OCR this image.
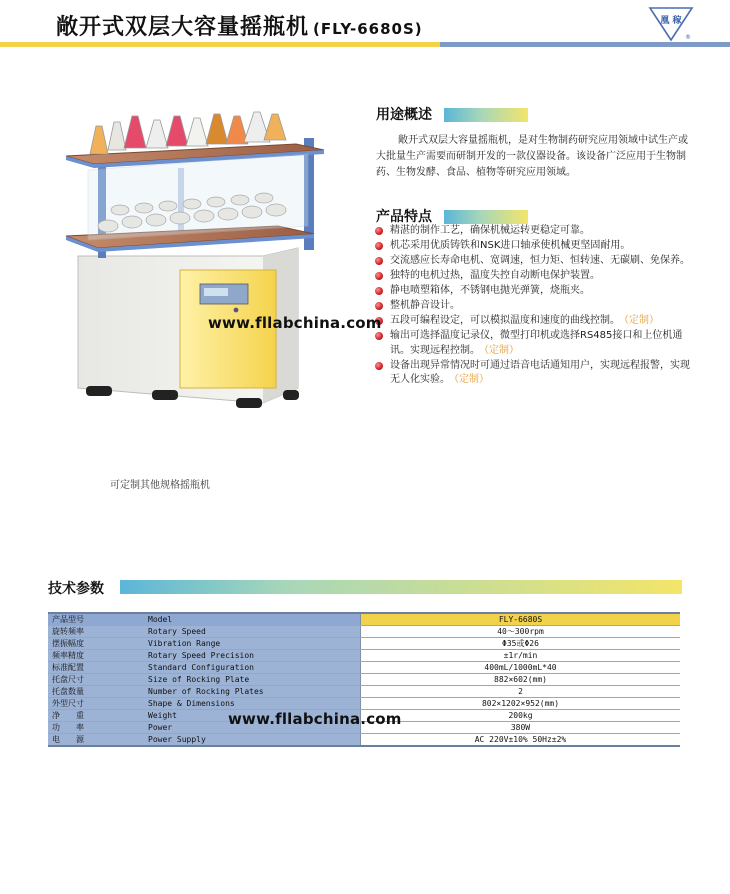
敞开式双层大容量摇瓶机 (FLY-6680S)	凰 稼
®
用途概述
敞开式双层大容量摇瓶机，是对生物制药研究应用领域中试生产或大批量生产需要而研制开发的一款仪器设备。该设备广泛应用于生物制药、生物发酵、食品、植物等研究应用领域。
产品特点
精湛的制作工艺，确保机械运转更稳定可靠。
机芯采用优质铸铁和NSK进口轴承使机械更坚固耐用。
交流感应长寿命电机、宽调速，恒力矩、恒转速、无碳刷、免保养。
独特的电机过热，温度失控自动断电保护装置。
静电喷塑箱体，不锈钢电抛光弹簧，烧瓶夹。
整机静音设计。
五段可编程设定，可以模拟温度和速度的曲线控制。 （定制）
输出可选择温度记录仪，微型打印机或选择RS485接口和上位机通讯。实现远程控制。 （定制）
设备出现异常情况时可通过语音电话通知用户，实现远程报警，实现无人化实验。 （定制）
www.fllabchina.com
可定制其他规格摇瓶机
技术参数
产品型号	Model	FLY-6680S
旋转频率	Rotary Speed	40～300rpm
摆振幅度	Vibration Range	Φ35或Φ26
频率精度	Rotary Speed Precision	±1r/min
标准配置	Standard Configuration	400mL/1000mL*40
托盘尺寸	Size of Rocking Plate	882×602(mm)
托盘数量	Number of Rocking Plates	2
外型尺寸	Shape & Dimensions	802×1202×952(mm)
净　　重	Weight	200kg
功　　率	Power	380W
电　　源	Power Supply	AC 220V±10% 50Hz±2%
www.fllabchina.com
